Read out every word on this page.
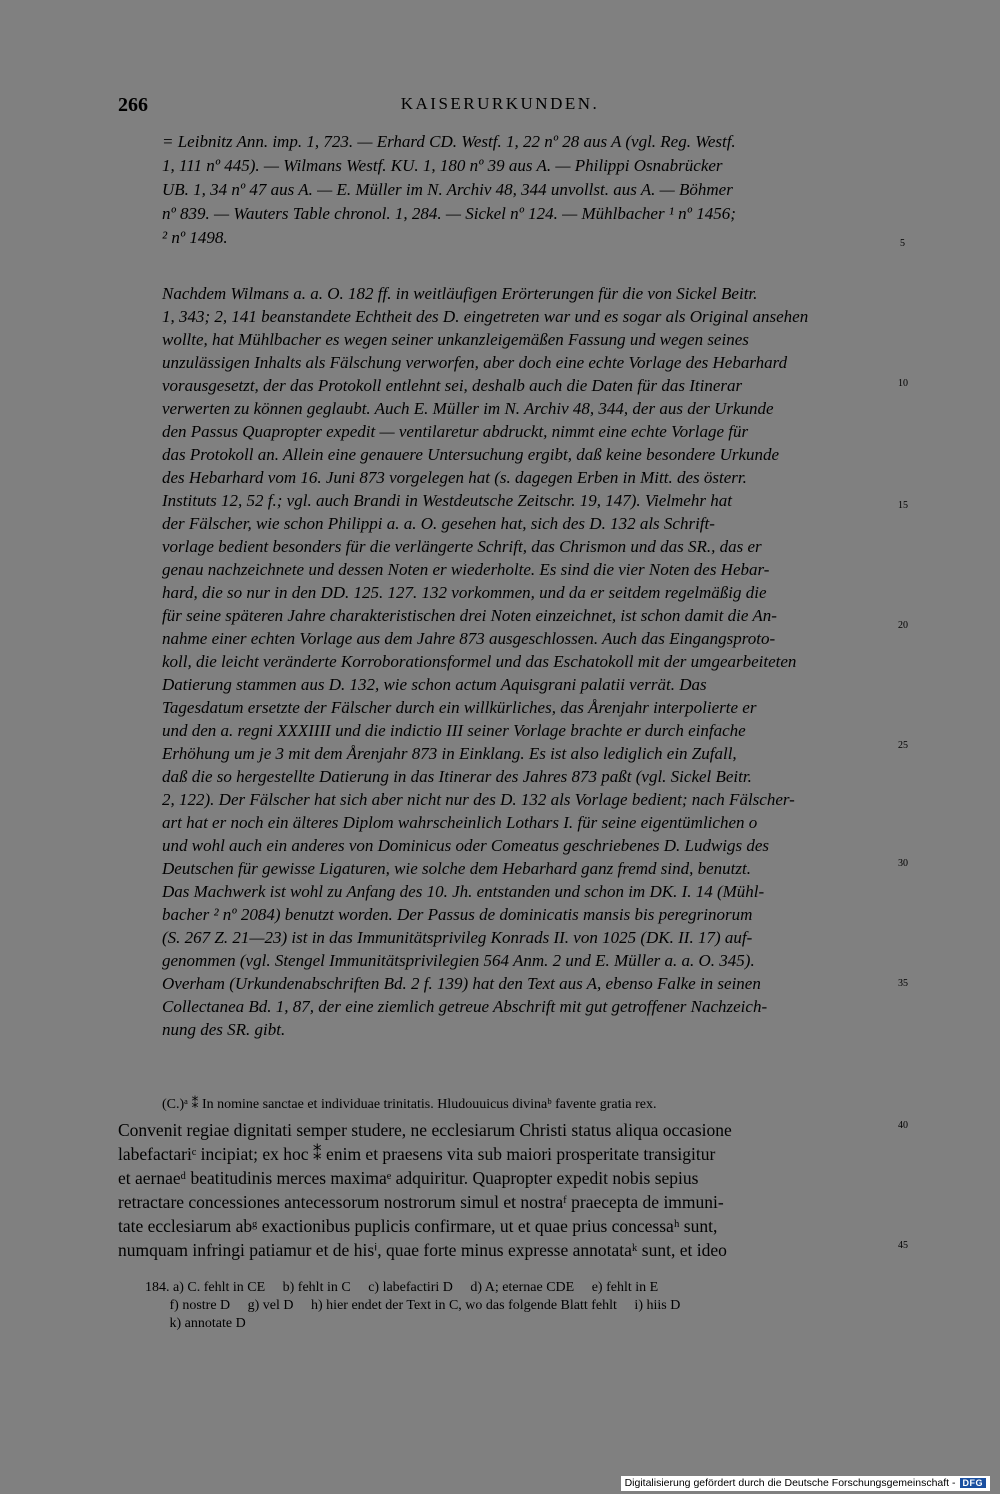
266	KAISERURKUNDEN.
= Leibnitz Ann. imp. 1, 723. — Erhard CD. Westf. 1, 22 nº 28 aus A (vgl. Reg. Westf.
1, 111 nº 445). — Wilmans Westf. KU. 1, 180 nº 39 aus A. — Philippi Osnabrücker
UB. 1, 34 nº 47 aus A. — E. Müller im N. Archiv 48, 344 unvollst. aus A. — Böhmer
nº 839. — Wauters Table chronol. 1, 284. — Sickel nº 124. — Mühlbacher ¹ nº 1456;
² nº 1498.
Nachdem Wilmans a. a. O. 182 ff. in weitläufigen Erörterungen für die von Sickel Beitr.
1, 343; 2, 141 beanstandete Echtheit des D. eingetreten war und es sogar als Original ansehen
wollte, hat Mühlbacher es wegen seiner unkanzleigemäßen Fassung und wegen seines
unzulässigen Inhalts als Fälschung verworfen, aber doch eine echte Vorlage des Hebarhard
vorausgesetzt, der das Protokoll entlehnt sei, deshalb auch die Daten für das Itinerar
verwerten zu können geglaubt. Auch E. Müller im N. Archiv 48, 344, der aus der Urkunde
den Passus Quapropter expedit — ventilaretur abdruckt, nimmt eine echte Vorlage für
das Protokoll an. Allein eine genauere Untersuchung ergibt, daß keine besondere Urkunde
des Hebarhard vom 16. Juni 873 vorgelegen hat (s. dagegen Erben in Mitt. des österr.
Instituts 12, 52 f.; vgl. auch Brandi in Westdeutsche Zeitschr. 19, 147). Vielmehr hat
der Fälscher, wie schon Philippi a. a. O. gesehen hat, sich des D. 132 als Schrift-
vorlage bedient besonders für die verlängerte Schrift, das Chrismon und das SR., das er
genau nachzeichnete und dessen Noten er wiederholte. Es sind die vier Noten des Hebar-
hard, die so nur in den DD. 125. 127. 132 vorkommen, und da er seitdem regelmäßig die
für seine späteren Jahre charakteristischen drei Noten einzeichnet, ist schon damit die An-
nahme einer echten Vorlage aus dem Jahre 873 ausgeschlossen. Auch das Eingangsproto-
koll, die leicht veränderte Korroborationsformel und das Eschatokoll mit der umgearbeiteten
Datierung stammen aus D. 132, wie schon actum Aquisgrani palatii verrät. Das
Tagesdatum ersetzte der Fälscher durch ein willkürliches, das Årenjahr interpolierte er
und den a. regni XXXIIII und die indictio III seiner Vorlage brachte er durch einfache
Erhöhung um je 3 mit dem Årenjahr 873 in Einklang. Es ist also lediglich ein Zufall,
daß die so hergestellte Datierung in das Itinerar des Jahres 873 paßt (vgl. Sickel Beitr.
2, 122). Der Fälscher hat sich aber nicht nur des D. 132 als Vorlage bedient; nach Fälscher-
art hat er noch ein älteres Diplom wahrscheinlich Lothars I. für seine eigentümlichen o
und wohl auch ein anderes von Dominicus oder Comeatus geschriebenes D. Ludwigs des
Deutschen für gewisse Ligaturen, wie solche dem Hebarhard ganz fremd sind, benutzt.
Das Machwerk ist wohl zu Anfang des 10. Jh. entstanden und schon im DK. I. 14 (Mühl-
bacher ² nº 2084) benutzt worden. Der Passus de dominicatis mansis bis peregrinorum
(S. 267 Z. 21—23) ist in das Immunitätsprivileg Konrads II. von 1025 (DK. II. 17) auf-
genommen (vgl. Stengel Immunitätsprivilegien 564 Anm. 2 und E. Müller a. a. O. 345).
Overham (Urkundenabschriften Bd. 2 f. 139) hat den Text aus A, ebenso Falke in seinen
Collectanea Bd. 1, 87, der eine ziemlich getreue Abschrift mit gut getroffener Nachzeich-
nung des SR. gibt.
(C.)ᵃ ⁑ In nomine sanctae et individuae trinitatis. Hludouuicus divinaᵇ favente gratia rex.
Convenit regiae dignitati semper studere, ne ecclesiarum Christi status aliqua occasione
labefactariᶜ incipiat; ex hoc ⁑ enim et praesens vita sub maiori prosperitate transigitur
et aernaeᵈ beatitudinis merces maximaᵉ adquiritur. Quapropter expedit nobis sepius
retractare concessiones antecessorum nostrorum simul et nostraᶠ praecepta de immuni-
tate ecclesiarum abᵍ exactionibus puplicis confirmare, ut et quae prius concessaʰ sunt,
numquam infringi patiamur et de hisⁱ, quae forte minus expresse annotataᵏ sunt, et ideo
184. a) C. fehlt in CE     b) fehlt in C     c) labefactiri D     d) A; eternae CDE     e) fehlt in E
f) nostre D     g) vel D     h) hier endet der Text in C, wo das folgende Blatt fehlt     i) hiis D
k) annotate D
5
10
15
20
25
30
35
40
45
Digitalisierung gefördert durch die Deutsche Forschungsgemeinschaft - DFG
